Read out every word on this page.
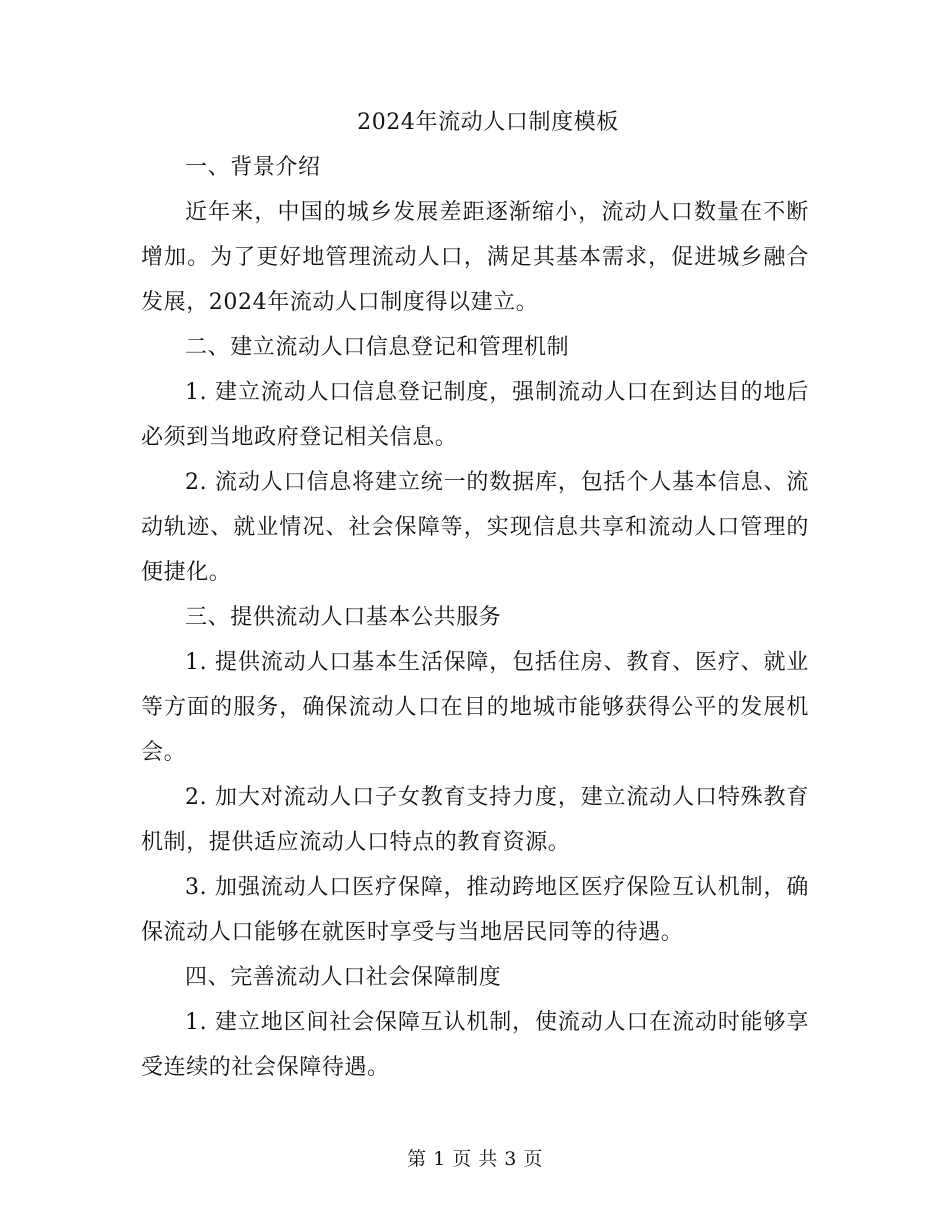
2024年流动人口制度模板

一、背景介绍

近年来，中国的城乡发展差距逐渐缩小，流动人口数量在不断增加。为了更好地管理流动人口，满足其基本需求，促进城乡融合发展，2024年流动人口制度得以建立。

二、建立流动人口信息登记和管理机制

1. 建立流动人口信息登记制度，强制流动人口在到达目的地后必须到当地政府登记相关信息。

2. 流动人口信息将建立统一的数据库，包括个人基本信息、流动轨迹、就业情况、社会保障等，实现信息共享和流动人口管理的便捷化。

三、提供流动人口基本公共服务

1. 提供流动人口基本生活保障，包括住房、教育、医疗、就业等方面的服务，确保流动人口在目的地城市能够获得公平的发展机会。

2. 加大对流动人口子女教育支持力度，建立流动人口特殊教育机制，提供适应流动人口特点的教育资源。

3. 加强流动人口医疗保障，推动跨地区医疗保险互认机制，确保流动人口能够在就医时享受与当地居民同等的待遇。

四、完善流动人口社会保障制度

1. 建立地区间社会保障互认机制，使流动人口在流动时能够享受连续的社会保障待遇。

第 1 页 共 3 页
